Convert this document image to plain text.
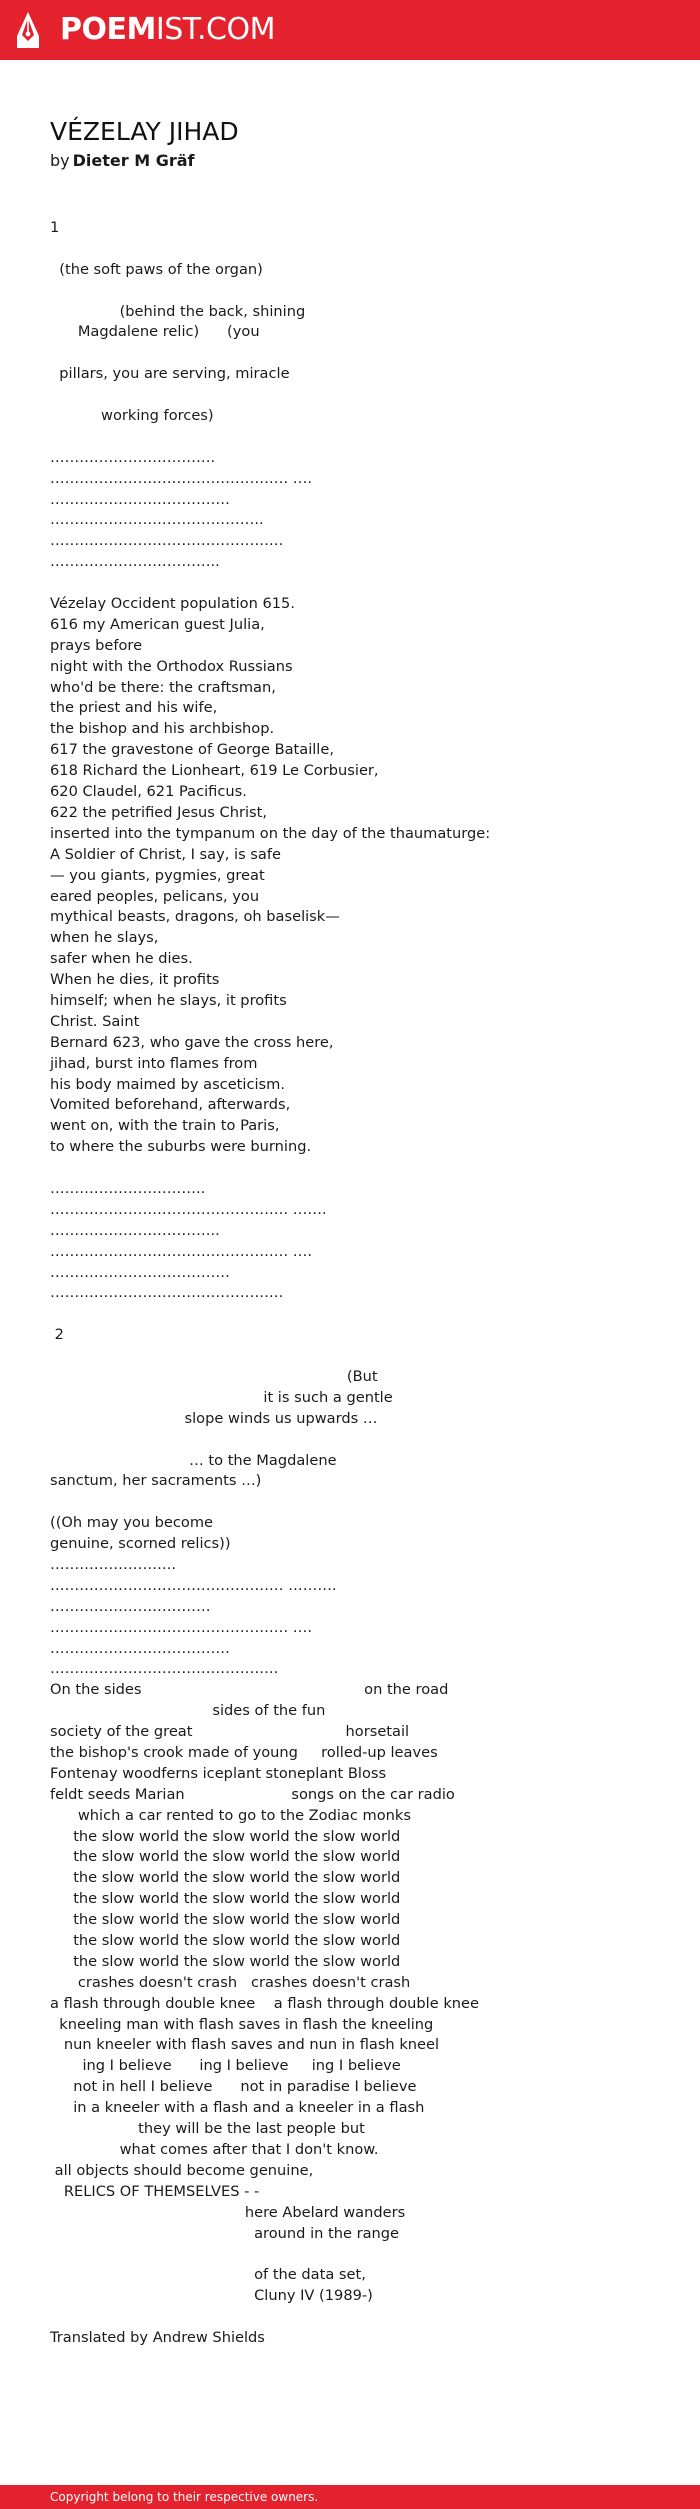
POEMIST.COM
VÉZELAY JIHAD
by Dieter M Gräf
1
(the soft paws of the organ)
(behind the back, shining
Magdalene relic)      (you
pillars, you are serving, miracle
working forces)
…………………………….
…………………………………………. ….
……………………………….
……………………………………..
…………………………………………
……………………………..
Vézelay Occident population 615.
616 my American guest Julia,
prays before
night with the Orthodox Russians
who'd be there: the craftsman,
the priest and his wife,
the bishop and his archbishop.
617 the gravestone of George Bataille,
618 Richard the Lionheart, 619 Le Corbusier,
620 Claudel, 621 Pacificus.
622 the petrified Jesus Christ,
inserted into the tympanum on the day of the thaumaturge:
A Soldier of Christ, I say, is safe
— you giants, pygmies, great
eared peoples, pelicans, you
mythical beasts, dragons, oh baselisk—
when he slays,
safer when he dies.
When he dies, it profits
himself; when he slays, it profits
Christ. Saint
Bernard 623, who gave the cross here,
jihad, burst into flames from
his body maimed by asceticism.
Vomited beforehand, afterwards,
went on, with the train to Paris,
to where the suburbs were burning.
…………………………..
…………………………………………. …….
……………………………..
…………………………………………. ….
……………………………….
…………………………………………
2
(But
it is such a gentle
slope winds us upwards …
… to the Magdalene
sanctum, her sacraments …)

((Oh may you become
genuine, scorned relics))
……………………..
………………………………………… ……….
……………………………
…………………………………………. ….
……………………………….
………………………………………..
On the sides                                                on the road
sides of the fun
society of the great                                 horsetail
the bishop's crook made of young     rolled-up leaves
Fontenay woodferns iceplant stoneplant Bloss
feldt seeds Marian                       songs on the car radio
which a car rented to go to the Zodiac monks
the slow world the slow world the slow world
the slow world the slow world the slow world
the slow world the slow world the slow world
the slow world the slow world the slow world
the slow world the slow world the slow world
the slow world the slow world the slow world
the slow world the slow world the slow world
crashes doesn't crash   crashes doesn't crash
a flash through double knee    a flash through double knee
kneeling man with flash saves in flash the kneeling
nun kneeler with flash saves and nun in flash kneel
ing I believe      ing I believe     ing I believe
not in hell I believe      not in paradise I believe
in a kneeler with a flash and a kneeler in a flash
they will be the last people but
what comes after that I don't know.
all objects should become genuine,
RELICS OF THEMSELVES - -
here Abelard wanders
around in the range
of the data set,
Cluny IV (1989-)
Translated by Andrew Shields
Copyright belong to their respective owners.
